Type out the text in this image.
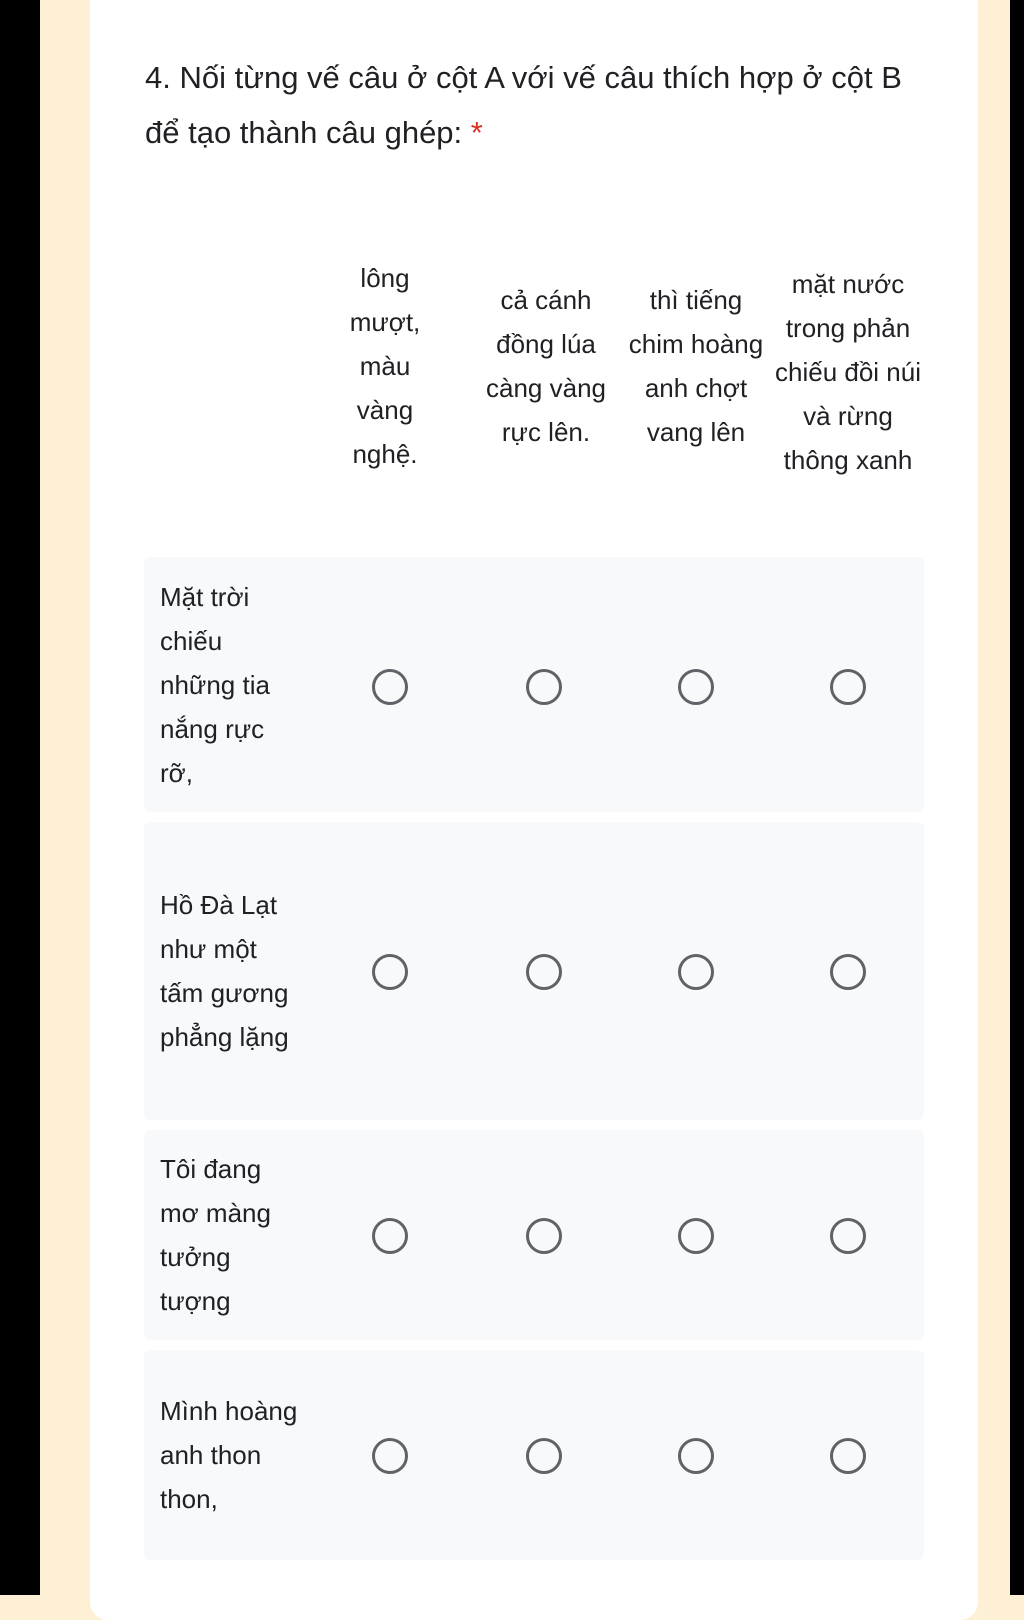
4. Nối từng vế câu ở cột A với vế câu thích hợp ở cột B để tạo thành câu ghép: *
lông mượt, màu vàng nghệ.
cả cánh đồng lúa càng vàng rực lên.
thì tiếng chim hoàng anh chợt vang lên
mặt nước trong phản chiếu đồi núi và rừng thông xanh
Mặt trời chiếu những tia nắng rực rỡ,
Hồ Đà Lạt như một tấm gương phẳng lặng
Tôi đang mơ màng tưởng tượng
Mình hoàng anh thon thon,
